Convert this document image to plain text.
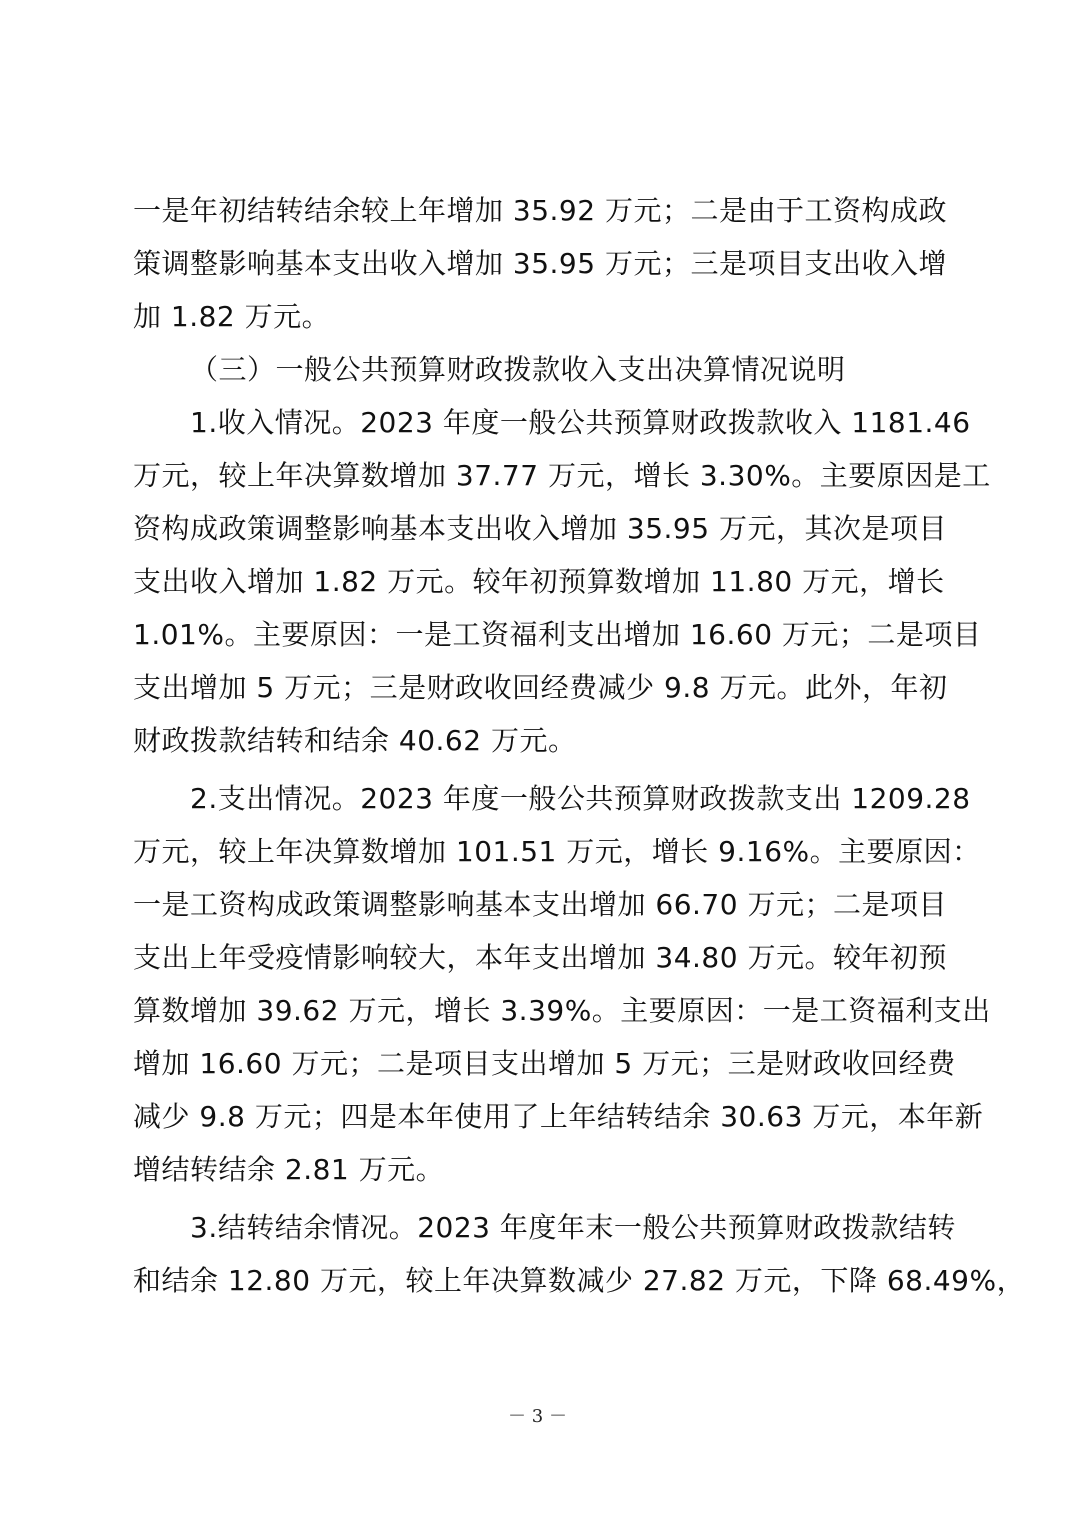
一是年初结转结余较上年增加 35.92 万元；二是由于工资构成政
策调整影响基本支出收入增加 35.95 万元；三是项目支出收入增
加 1.82 万元。
（三）一般公共预算财政拨款收入支出决算情况说明
1.收入情况。2023 年度一般公共预算财政拨款收入 1181.46
万元，较上年决算数增加 37.77 万元，增长 3.30%。主要原因是工
资构成政策调整影响基本支出收入增加 35.95 万元，其次是项目
支出收入增加 1.82 万元。较年初预算数增加 11.80 万元，增长
1.01%。主要原因：一是工资福利支出增加 16.60 万元；二是项目
支出增加 5 万元；三是财政收回经费减少 9.8 万元。此外，年初
财政拨款结转和结余 40.62 万元。
2.支出情况。2023 年度一般公共预算财政拨款支出 1209.28
万元，较上年决算数增加 101.51 万元，增长 9.16%。主要原因：
一是工资构成政策调整影响基本支出增加 66.70 万元；二是项目
支出上年受疫情影响较大，本年支出增加 34.80 万元。较年初预
算数增加 39.62 万元，增长 3.39%。主要原因：一是工资福利支出
增加 16.60 万元；二是项目支出增加 5 万元；三是财政收回经费
减少 9.8 万元；四是本年使用了上年结转结余 30.63 万元，本年新
增结转结余 2.81 万元。
3.结转结余情况。2023 年度年末一般公共预算财政拨款结转
和结余 12.80 万元，较上年决算数减少 27.82 万元，下降 68.49%，
－ 3 －
